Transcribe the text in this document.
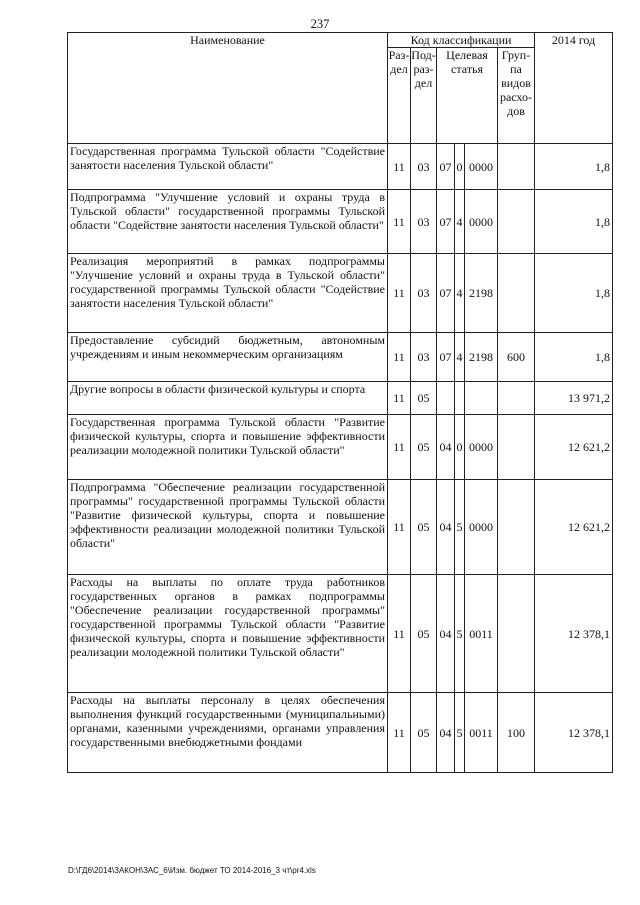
237
Наименование	Код классификации						2014 год
	Раз-дел	Под-раз-дел	Целевая статья			Груп-па видов расхо-дов	
Государственная программа Тульской области "Содействие занятости населения Тульской области"	11	03	07	0	0000		1,8
Подпрограмма "Улучшение условий и охраны труда в Тульской области" государственной программы Тульской области "Содействие занятости населения Тульской области"	11	03	07	4	0000		1,8
Реализация мероприятий в рамках подпрограммы "Улучшение условий и охраны труда в Тульской области" государственной программы Тульской области "Содействие занятости населения Тульской области"	11	03	07	4	2198		1,8
Предоставление субсидий бюджетным, автономным учреждениям и иным некоммерческим организациям	11	03	07	4	2198	600	1,8
Другие вопросы в области физической культуры и спорта	11	05					13 971,2
Государственная программа Тульской области "Развитие физической культуры, спорта и повышение эффективности реализации молодежной политики Тульской области"	11	05	04	0	0000		12 621,2
Подпрограмма "Обеспечение реализации государственной программы" государственной программы Тульской области "Развитие физической культуры, спорта и повышение эффективности реализации молодежной политики Тульской области"	11	05	04	5	0000		12 621,2
Расходы на выплаты по оплате труда работников государственных органов в рамках подпрограммы "Обеспечение реализации государственной программы" государственной программы Тульской области "Развитие физической культуры, спорта и повышение эффективности реализации молодежной политики Тульской области"	11	05	04	5	0011		12 378,1
Расходы на выплаты персоналу в целях обеспечения выполнения функций государственными (муниципальными) органами, казенными учреждениями, органами управления государственными внебюджетными фондами	11	05	04	5	0011	100	12 378,1
D:\ГД6\2014\ЗАКОН\ЗАС_6\Изм. бюджет ТО 2014-2016_3 чт\pr4.xls
